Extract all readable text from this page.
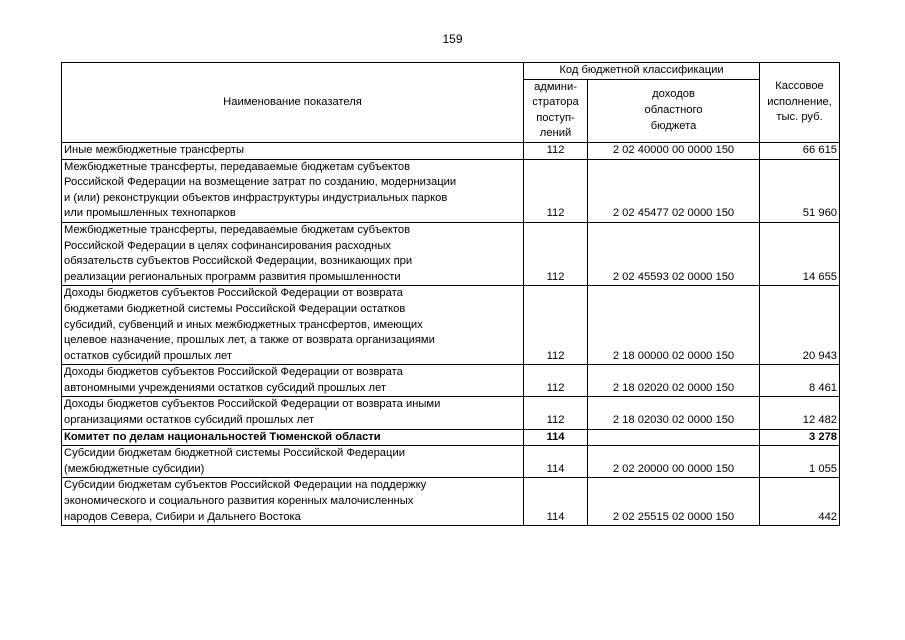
159
Наименование показателя	Код бюджетной классификации		Кассовое
исполнение,
тыс. руб.
	админи-
стратора
поступ-
лений	доходов
областного
бюджета	
Иные межбюджетные трансферты	112	2 02 40000 00 0000 150	66 615
Межбюджетные трансферты, передаваемые бюджетам субъектов
Российской Федерации на возмещение затрат по созданию, модернизации
и (или) реконструкции объектов инфраструктуры индустриальных парков
или промышленных технопарков	112	2 02 45477 02 0000 150	51 960
Межбюджетные трансферты, передаваемые бюджетам субъектов
Российской Федерации в целях софинансирования расходных
обязательств субъектов Российской Федерации, возникающих при
реализации региональных программ развития промышленности	112	2 02 45593 02 0000 150	14 655
Доходы бюджетов субъектов Российской Федерации от возврата
бюджетами бюджетной системы Российской Федерации остатков
субсидий, субвенций и иных межбюджетных трансфертов, имеющих
целевое назначение, прошлых лет, а также от возврата организациями
остатков субсидий прошлых лет	112	2 18 00000 02 0000 150	20 943
Доходы бюджетов субъектов Российской Федерации от возврата
автономными учреждениями остатков субсидий прошлых лет	112	2 18 02020 02 0000 150	8 461
Доходы бюджетов субъектов Российской Федерации от возврата иными
организациями остатков субсидий прошлых лет	112	2 18 02030 02 0000 150	12 482
Комитет по делам национальностей Тюменской области	114		3 278
Субсидии бюджетам бюджетной системы Российской Федерации
(межбюджетные субсидии)	114	2 02 20000 00 0000 150	1 055
Субсидии бюджетам субъектов Российской Федерации на поддержку
экономического и социального развития коренных малочисленных
народов Севера, Сибири и Дальнего Востока	114	2 02 25515 02 0000 150	442
